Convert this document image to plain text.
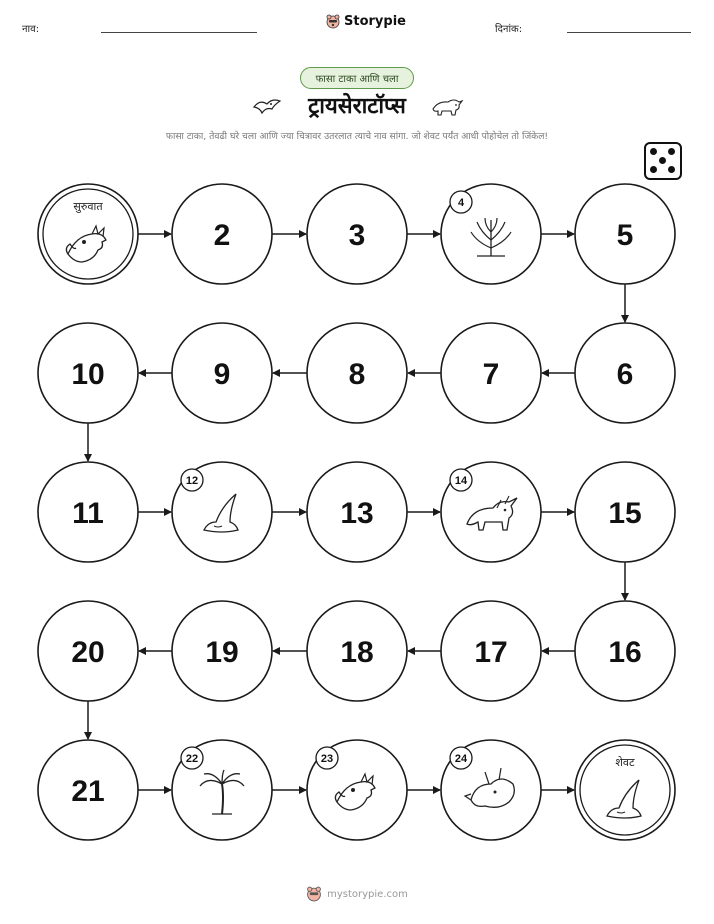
नाव:
Storypie
दिनांक:
फासा टाका आणि चला
ट्रायसेराटॉप्स
फासा टाका, तेवढी घरे चला आणि ज्या चित्रावर उतरलात त्याचे नाव सांगा. जो शेवट पर्यंत आधी पोहोचेल तो जिंकेल!
सुरुवात
2	3
4
5
6
7
8
9
10
11
12
13
14
15
16
17
18
19
20
21
22	23	24	शेवट
mystorypie.com
